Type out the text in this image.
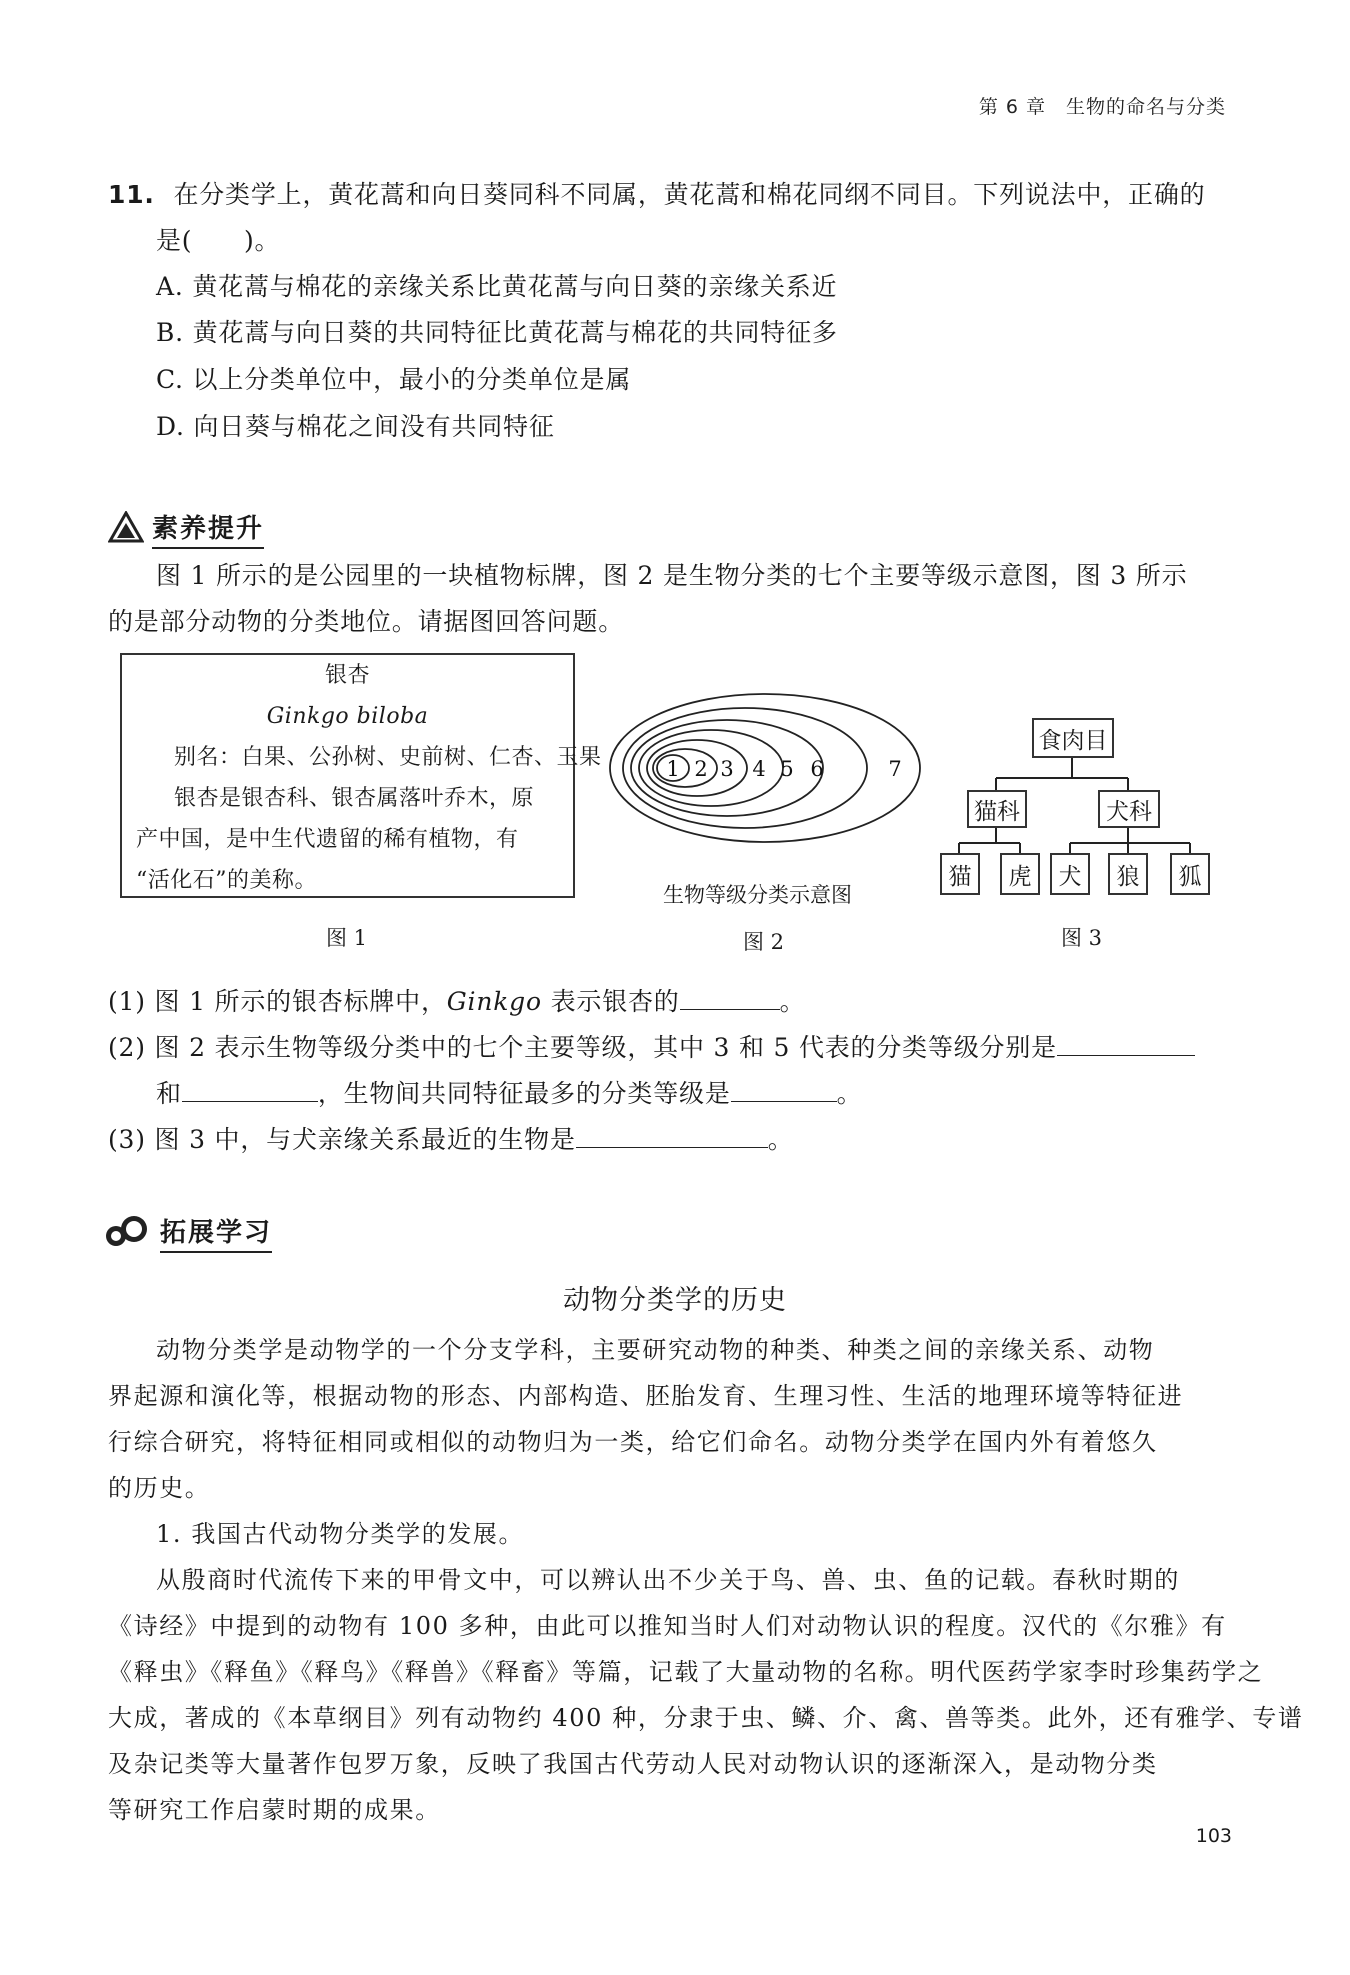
第 6 章　生物的命名与分类
11. 在分类学上，黄花蒿和向日葵同科不同属，黄花蒿和棉花同纲不同目。下列说法中，正确的
是(　　)。
A. 黄花蒿与棉花的亲缘关系比黄花蒿与向日葵的亲缘关系近
B. 黄花蒿与向日葵的共同特征比黄花蒿与棉花的共同特征多
C. 以上分类单位中，最小的分类单位是属
D. 向日葵与棉花之间没有共同特征
素养提升
图 1 所示的是公园里的一块植物标牌，图 2 是生物分类的七个主要等级示意图，图 3 所示
的是部分动物的分类地位。请据图回答问题。
银杏
Ginkgo biloba
别名：白果、公孙树、史前树、仁杏、玉果
银杏是银杏科、银杏属落叶乔木，原
产中国，是中生代遗留的稀有植物，有
“活化石”的美称。
图 1
1 2 3 4 5 6	7
生物等级分类示意图
图 2
食肉目
猫科	犬科
猫	虎	犬	狼	狐
图 3
(1) 图 1 所示的银杏标牌中，Ginkgo 表示银杏的	。
(2) 图 2 表示生物等级分类中的七个主要等级，其中 3 和 5 代表的分类等级分别是
和	，生物间共同特征最多的分类等级是	。
(3) 图 3 中，与犬亲缘关系最近的生物是	。
拓展学习
动物分类学的历史
动物分类学是动物学的一个分支学科，主要研究动物的种类、种类之间的亲缘关系、动物
界起源和演化等，根据动物的形态、内部构造、胚胎发育、生理习性、生活的地理环境等特征进
行综合研究，将特征相同或相似的动物归为一类，给它们命名。动物分类学在国内外有着悠久
的历史。
1. 我国古代动物分类学的发展。
从殷商时代流传下来的甲骨文中，可以辨认出不少关于鸟、兽、虫、鱼的记载。春秋时期的
《诗经》中提到的动物有 100 多种，由此可以推知当时人们对动物认识的程度。汉代的《尔雅》有
《释虫》《释鱼》《释鸟》《释兽》《释畜》等篇，记载了大量动物的名称。明代医药学家李时珍集药学之
大成，著成的《本草纲目》列有动物约 400 种，分隶于虫、鳞、介、禽、兽等类。此外，还有雅学、专谱
及杂记类等大量著作包罗万象，反映了我国古代劳动人民对动物认识的逐渐深入，是动物分类
等研究工作启蒙时期的成果。
103
